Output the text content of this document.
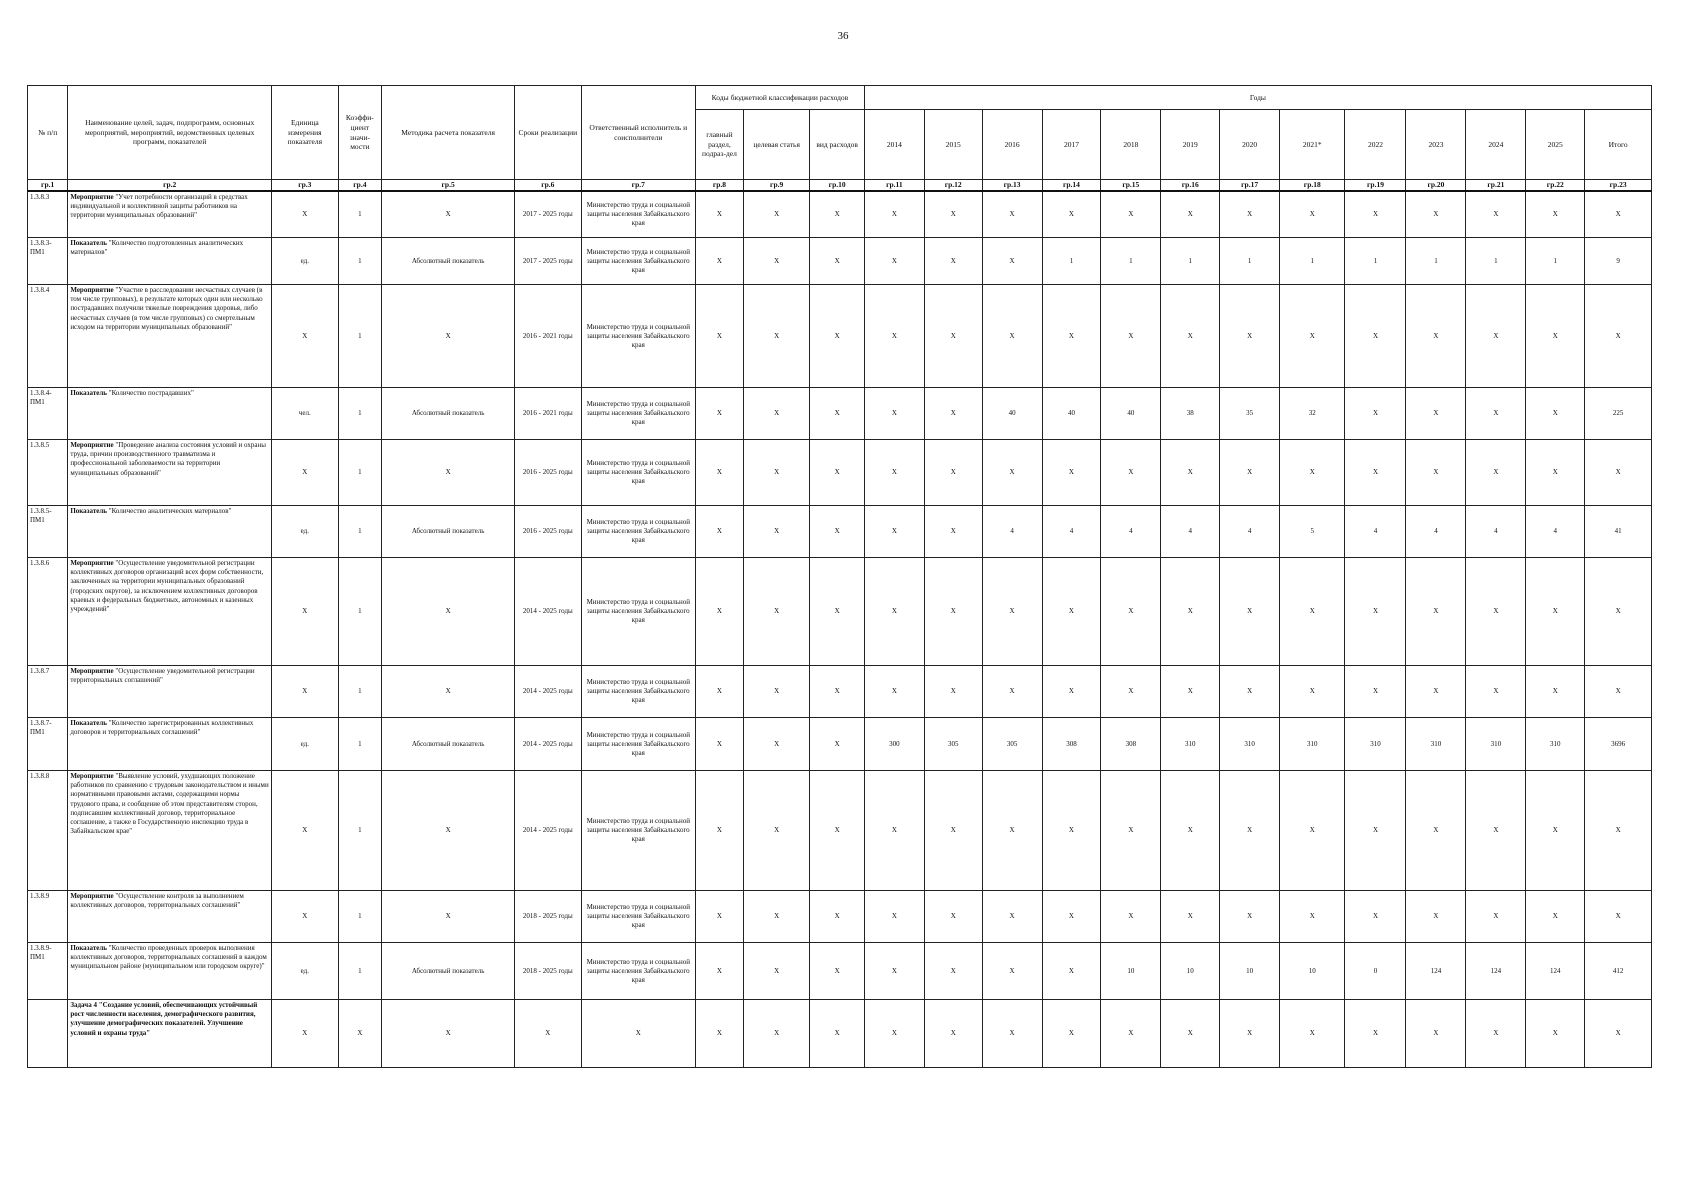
36
№ п/п	Наименование целей, задач, подпрограмм, основных мероприятий, мероприятий, ведомственных целевых программ, показателей	Единица измерения показателя	Коэффи-циент значи-мости	Методика расчета показателя	Сроки реализации	Ответственный исполнитель и соисполнители	Коды бюджетной классификации расходов			Годы												
							главный раздел, подраз-дел	целевая статья	вид расходов	2014	2015	2016	2017	2018	2019	2020	2021*	2022	2023	2024	2025	Итого
гр.1	гр.2	гр.3	гр.4	гр.5	гр.6	гр.7	гр.8	гр.9	гр.10	гр.11	гр.12	гр.13	гр.14	гр.15	гр.16	гр.17	гр.18	гр.19	гр.20	гр.21	гр.22	гр.23
1.3.8.3	Мероприятие "Учет потребности организаций в средствах индивидуальной и коллективной защиты работников на территории муниципальных образований"	X	1	X	2017 - 2025 годы	Министерство труда и социальной защиты населения Забайкальского края	X	X	X	X	X	X	X	X	X	X	X	X	X	X	X	X
1.3.8.3-ПМ1	Показатель "Количество подготовленных аналитических материалов"	ед.	1	Абсолютный показатель	2017 - 2025 годы	Министерство труда и социальной защиты населения Забайкальского края	X	X	X	X	X	X	1	1	1	1	1	1	1	1	1	9
1.3.8.4	Мероприятие "Участие в расследовании несчастных случаев (в том числе групповых), в результате которых один или несколько пострадавших получили тяжелые повреждения здоровья, либо несчастных случаев (в том числе групповых) со смертельным исходом на территории муниципальных образований"	X	1	X	2016 - 2021 годы	Министерство труда и социальной защиты населения Забайкальского края	X	X	X	X	X	X	X	X	X	X	X	X	X	X	X	X
1.3.8.4-ПМ1	Показатель "Количество пострадавших"	чел.	1	Абсолютный показатель	2016 - 2021 годы	Министерство труда и социальной защиты населения Забайкальского края	X	X	X	X	X	40	40	40	38	35	32	X	X	X	X	225
1.3.8.5	Мероприятие "Проведение анализа состояния условий и охраны труда, причин производственного травматизма и профессиональной заболеваемости на территории муниципальных образований"	X	1	X	2016 - 2025 годы	Министерство труда и социальной защиты населения Забайкальского края	X	X	X	X	X	X	X	X	X	X	X	X	X	X	X	X
1.3.8.5-ПМ1	Показатель "Количество аналитических материалов"	ед.	1	Абсолютный показатель	2016 - 2025 годы	Министерство труда и социальной защиты населения Забайкальского края	X	X	X	X	X	4	4	4	4	4	5	4	4	4	4	41
1.3.8.6	Мероприятие "Осуществление уведомительной регистрации коллективных договоров организаций всех форм собственности, заключенных на территории муниципальных образований (городских округов), за исключением коллективных договоров краевых и федеральных бюджетных, автономных и казенных учреждений"	X	1	X	2014 - 2025 годы	Министерство труда и социальной защиты населения Забайкальского края	X	X	X	X	X	X	X	X	X	X	X	X	X	X	X	X
1.3.8.7	Мероприятие "Осуществление уведомительной регистрации территориальных соглашений"	X	1	X	2014 - 2025 годы	Министерство труда и социальной защиты населения Забайкальского края	X	X	X	X	X	X	X	X	X	X	X	X	X	X	X	X
1.3.8.7-ПМ1	Показатель "Количество зарегистрированных коллективных договоров и территориальных соглашений"	ед.	1	Абсолютный показатель	2014 - 2025 годы	Министерство труда и социальной защиты населения Забайкальского края	X	X	X	300	305	305	308	308	310	310	310	310	310	310	310	3696
1.3.8.8	Мероприятие "Выявление условий, ухудшающих положение работников по сравнению с трудовым законодательством и иными нормативными правовыми актами, содержащими нормы трудового права, и сообщение об этом представителям сторон, подписавшим коллективный договор, территориальное соглашение, а также в Государственную инспекцию труда в Забайкальском крае"	X	1	X	2014 - 2025 годы	Министерство труда и социальной защиты населения Забайкальского края	X	X	X	X	X	X	X	X	X	X	X	X	X	X	X	X
1.3.8.9	Мероприятие "Осуществление контроля за выполнением коллективных договоров, территориальных соглашений"	X	1	X	2018 - 2025 годы	Министерство труда и социальной защиты населения Забайкальского края	X	X	X	X	X	X	X	X	X	X	X	X	X	X	X	X
1.3.8.9-ПМ1	Показатель "Количество проведенных проверок выполнения коллективных договоров, территориальных соглашений в каждом муниципальном районе (муниципальном или городском округе)"	ед.	1	Абсолютный показатель	2018 - 2025 годы	Министерство труда и социальной защиты населения Забайкальского края	X	X	X	X	X	X	X	10	10	10	10	0	124	124	124	412
	Задача 4 "Создание условий, обеспечивающих устойчивый рост численности населения, демографического развития, улучшение демографических показателей. Улучшение условий и охраны труда"	X	X	X	X	X	X	X	X	X	X	X	X	X	X	X	X	X	X	X	X	X
